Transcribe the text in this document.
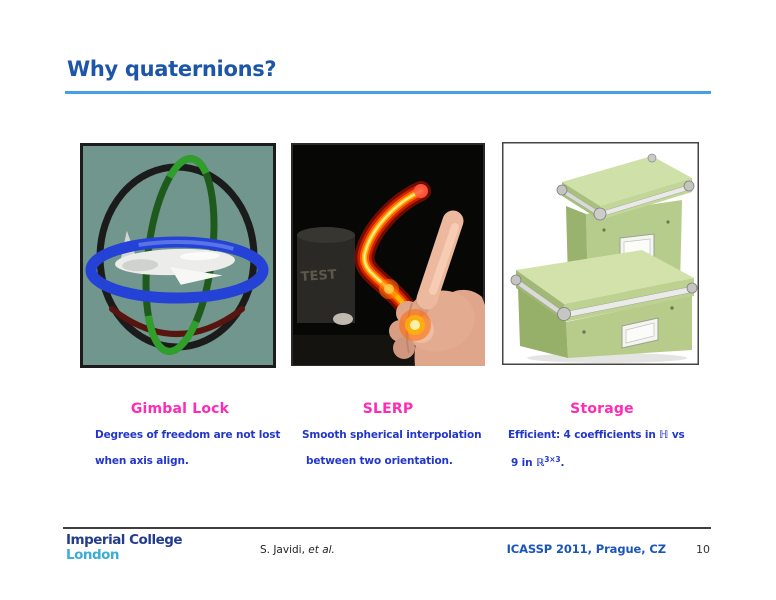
Why quaternions?
TEST
Gimbal Lock	SLERP	Storage
Degrees of freedom are not lost
when axis align.
Smooth spherical interpolation
between two orientation.
Efficient: 4 coefficients in ℍ vs
9 in ℝ$^{3\times 3}$.
Imperial College
London	S. Javidi, et al.	ICASSP 2011, Prague, CZ	10
